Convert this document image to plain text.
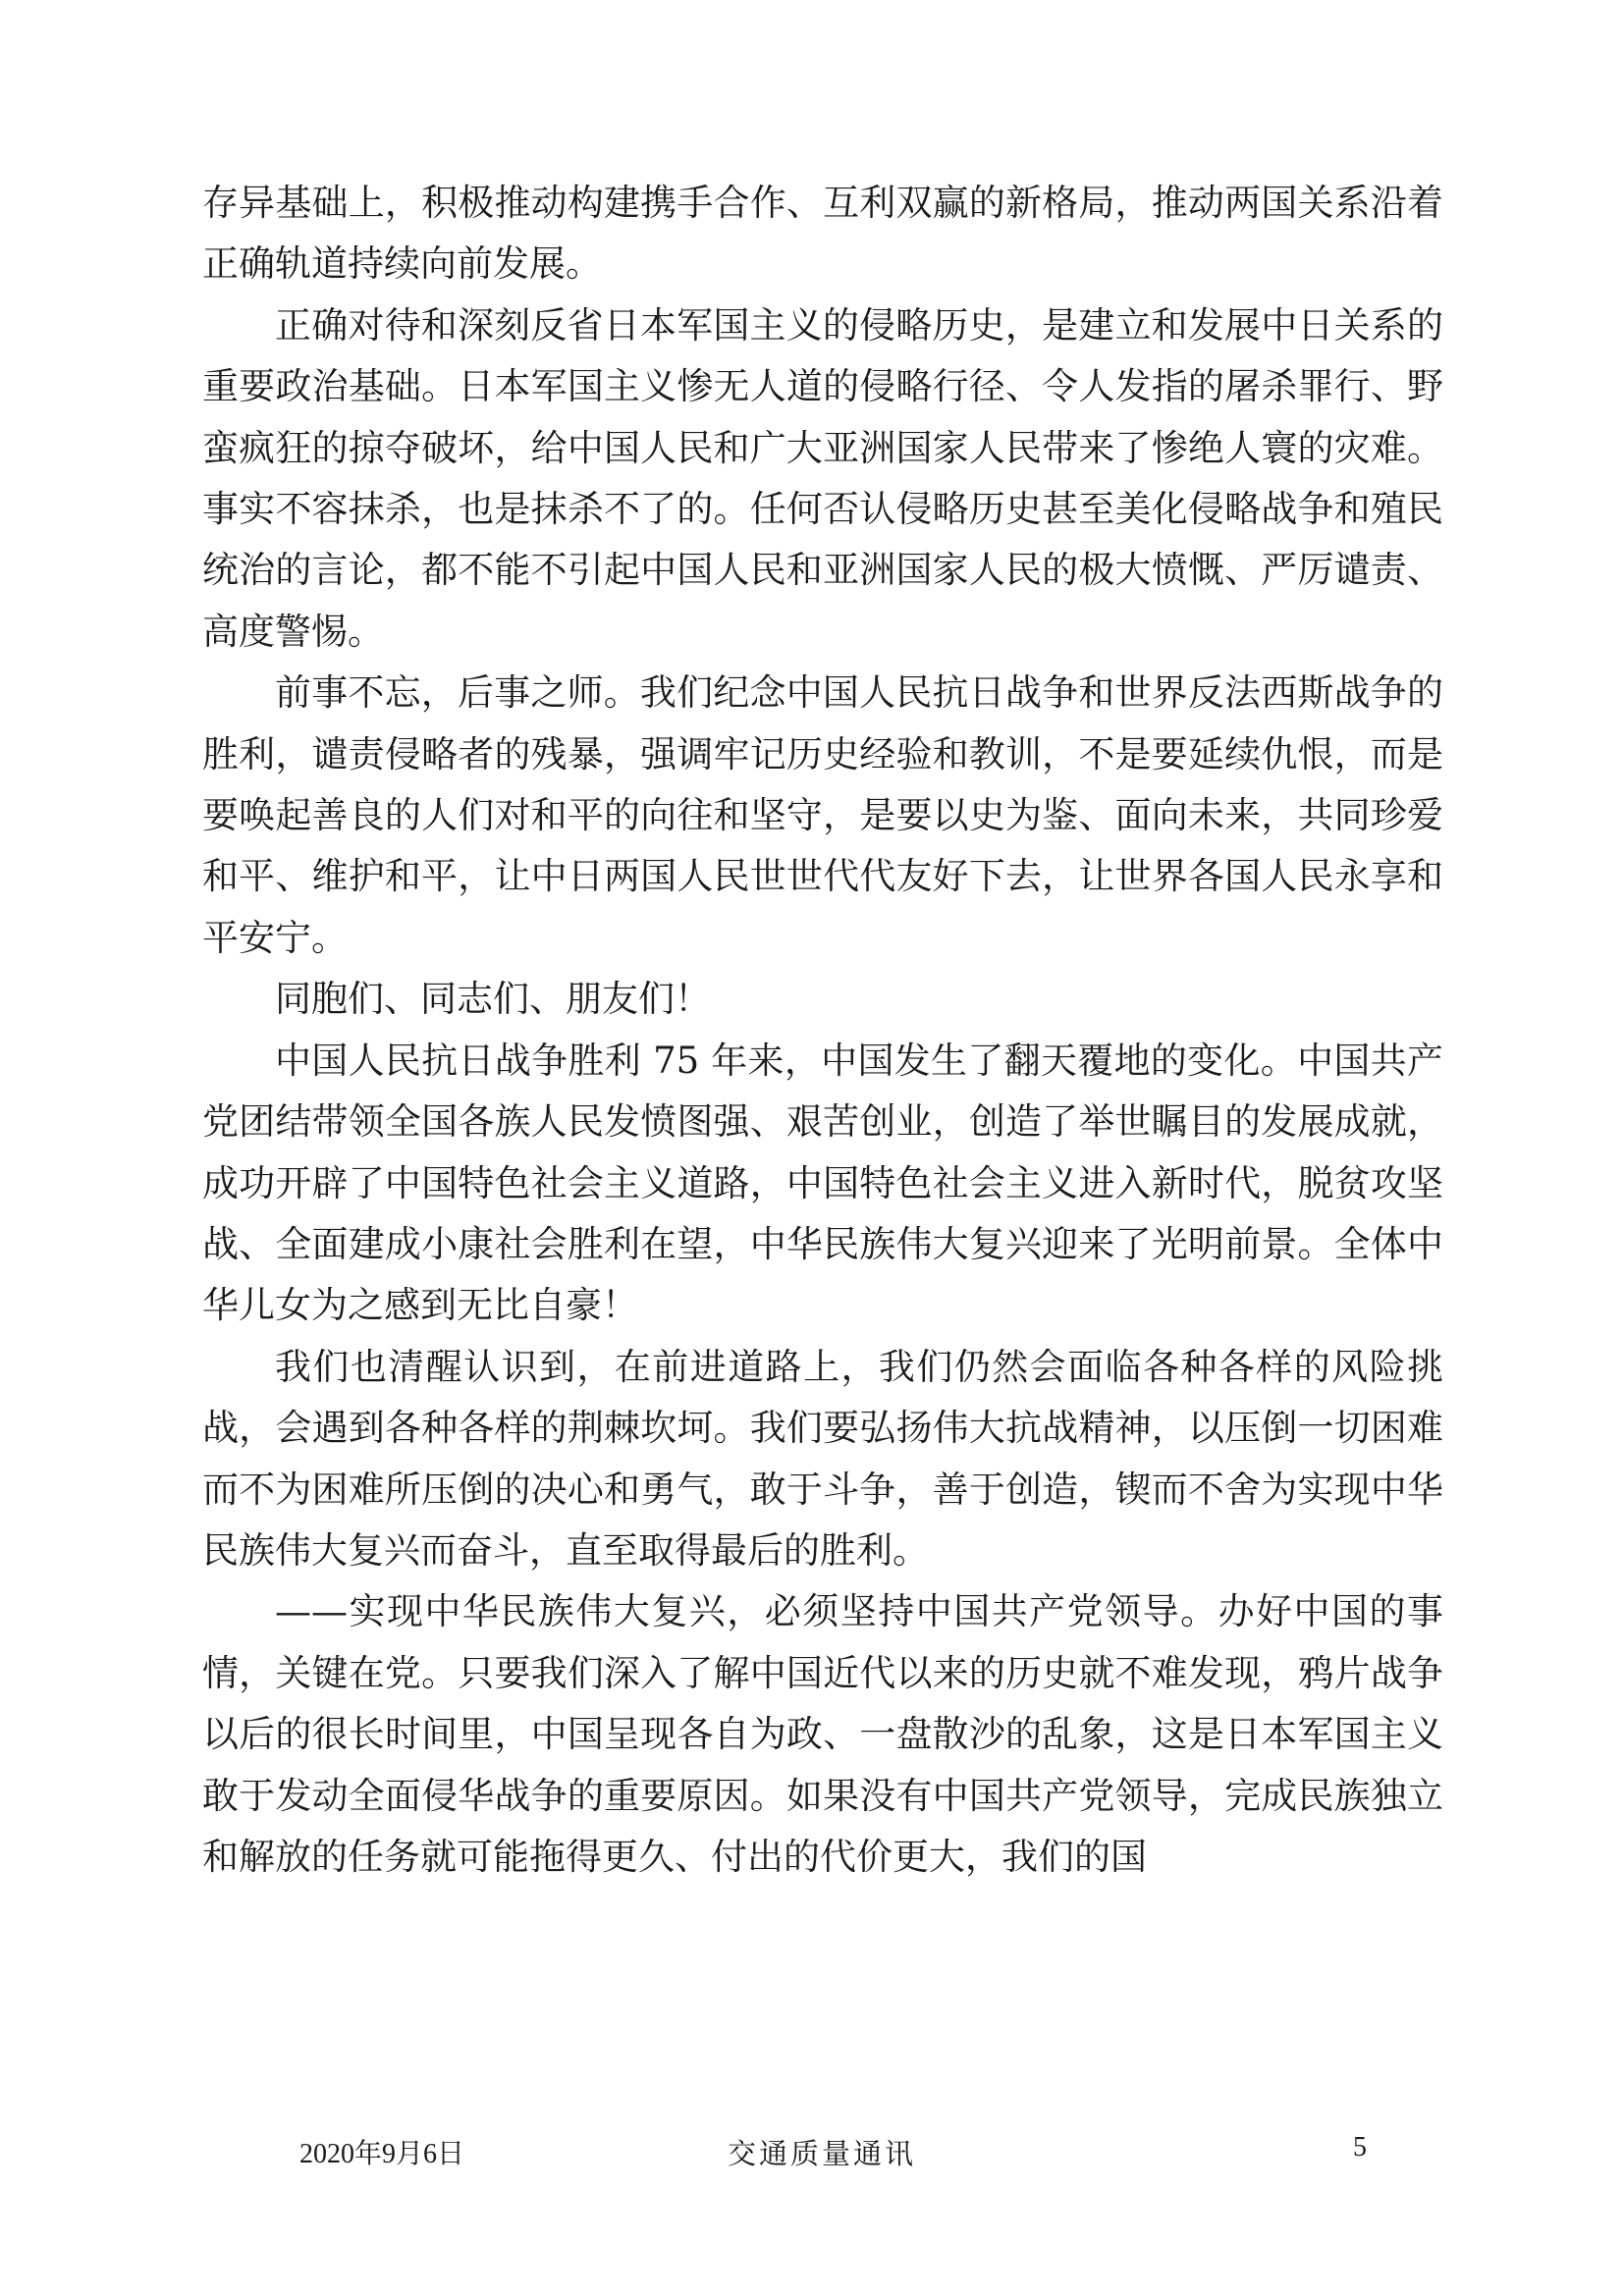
存异基础上，积极推动构建携手合作、互利双赢的新格局，推动两国关系沿着正确轨道持续向前发展。

正确对待和深刻反省日本军国主义的侵略历史，是建立和发展中日关系的重要政治基础。日本军国主义惨无人道的侵略行径、令人发指的屠杀罪行、野蛮疯狂的掠夺破坏，给中国人民和广大亚洲国家人民带来了惨绝人寰的灾难。事实不容抹杀，也是抹杀不了的。任何否认侵略历史甚至美化侵略战争和殖民统治的言论，都不能不引起中国人民和亚洲国家人民的极大愤慨、严厉谴责、高度警惕。

前事不忘，后事之师。我们纪念中国人民抗日战争和世界反法西斯战争的胜利，谴责侵略者的残暴，强调牢记历史经验和教训，不是要延续仇恨，而是要唤起善良的人们对和平的向往和坚守，是要以史为鉴、面向未来，共同珍爱和平、维护和平，让中日两国人民世世代代友好下去，让世界各国人民永享和平安宁。

同胞们、同志们、朋友们！

中国人民抗日战争胜利 75 年来，中国发生了翻天覆地的变化。中国共产党团结带领全国各族人民发愤图强、艰苦创业，创造了举世瞩目的发展成就，成功开辟了中国特色社会主义道路，中国特色社会主义进入新时代，脱贫攻坚战、全面建成小康社会胜利在望，中华民族伟大复兴迎来了光明前景。全体中华儿女为之感到无比自豪！

我们也清醒认识到，在前进道路上，我们仍然会面临各种各样的风险挑战，会遇到各种各样的荆棘坎坷。我们要弘扬伟大抗战精神，以压倒一切困难而不为困难所压倒的决心和勇气，敢于斗争，善于创造，锲而不舍为实现中华民族伟大复兴而奋斗，直至取得最后的胜利。

——实现中华民族伟大复兴，必须坚持中国共产党领导。办好中国的事情，关键在党。只要我们深入了解中国近代以来的历史就不难发现，鸦片战争以后的很长时间里，中国呈现各自为政、一盘散沙的乱象，这是日本军国主义敢于发动全面侵华战争的重要原因。如果没有中国共产党领导，完成民族独立和解放的任务就可能拖得更久、付出的代价更大，我们的国

2020年9月6日	交通质量通讯	5
